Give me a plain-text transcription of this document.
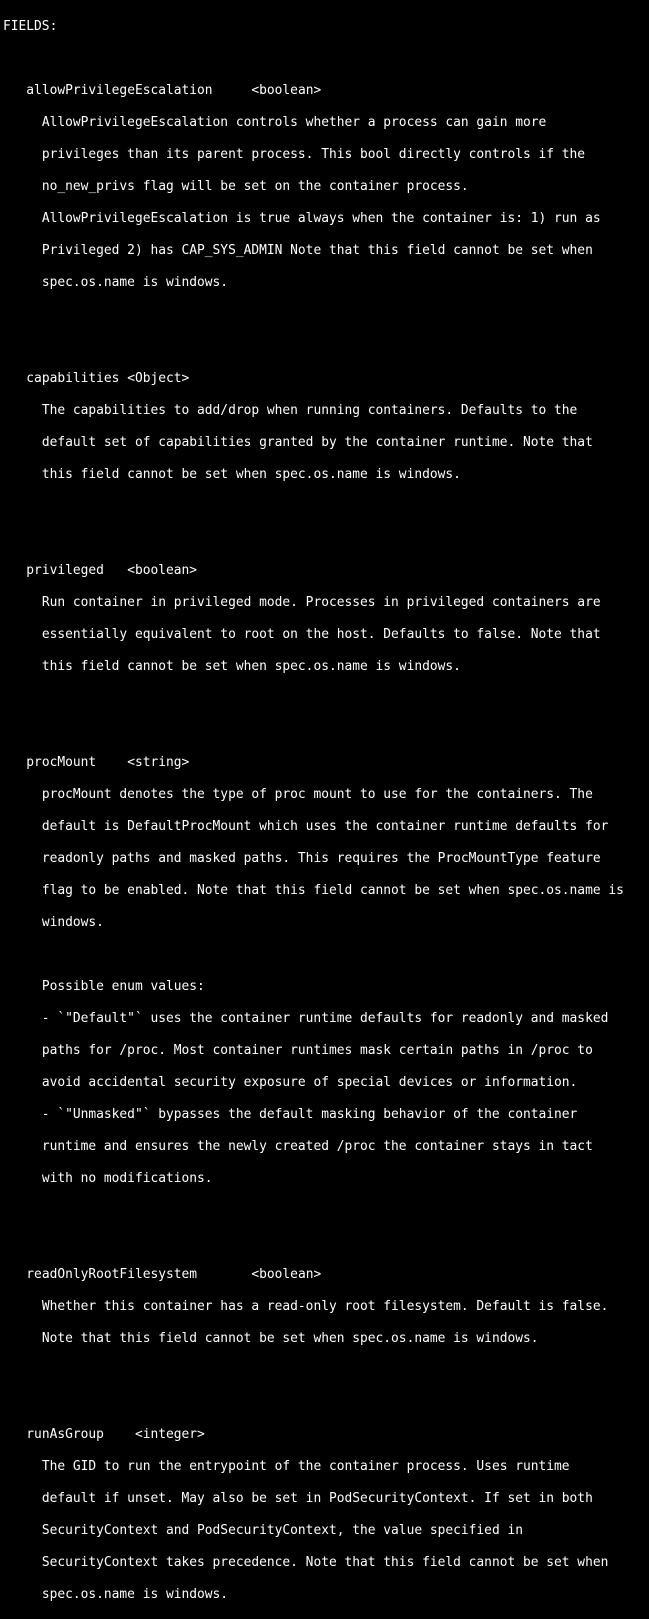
FIELDS:

allowPrivilegeEscalation	<boolean>

AllowPrivilegeEscalation controls whether a process can gain more

privileges than its parent process. This bool directly controls if the

no_new_privs flag will be set on the container process.

AllowPrivilegeEscalation is true always when the container is: 1) run as

Privileged 2) has CAP_SYS_ADMIN Note that this field cannot be set when

spec.os.name is windows.

capabilities <Object>

The capabilities to add/drop when running containers. Defaults to the

default set of capabilities granted by the container runtime. Note that

this field cannot be set when spec.os.name is windows.

privileged <boolean>

Run container in privileged mode. Processes in privileged containers are

essentially equivalent to root on the host. Defaults to false. Note that

this field cannot be set when spec.os.name is windows.

procMount <string>

procMount denotes the type of proc mount to use for the containers. The

default is DefaultProcMount which uses the container runtime defaults for

readonly paths and masked paths. This requires the ProcMountType feature

flag to be enabled. Note that this field cannot be set when spec.os.name is

windows.

Possible enum values:

- `"Default"` uses the container runtime defaults for readonly and masked

paths for /proc. Most container runtimes mask certain paths in /proc to

avoid accidental security exposure of special devices or information.

- `"Unmasked"` bypasses the default masking behavior of the container

runtime and ensures the newly created /proc the container stays in tact

with no modifications.

readOnlyRootFilesystem	<boolean>

Whether this container has a read-only root filesystem. Default is false.

Note that this field cannot be set when spec.os.name is windows.

runAsGroup <integer>

The GID to run the entrypoint of the container process. Uses runtime

default if unset. May also be set in PodSecurityContext. If set in both

SecurityContext and PodSecurityContext, the value specified in

SecurityContext takes precedence. Note that this field cannot be set when

spec.os.name is windows.
